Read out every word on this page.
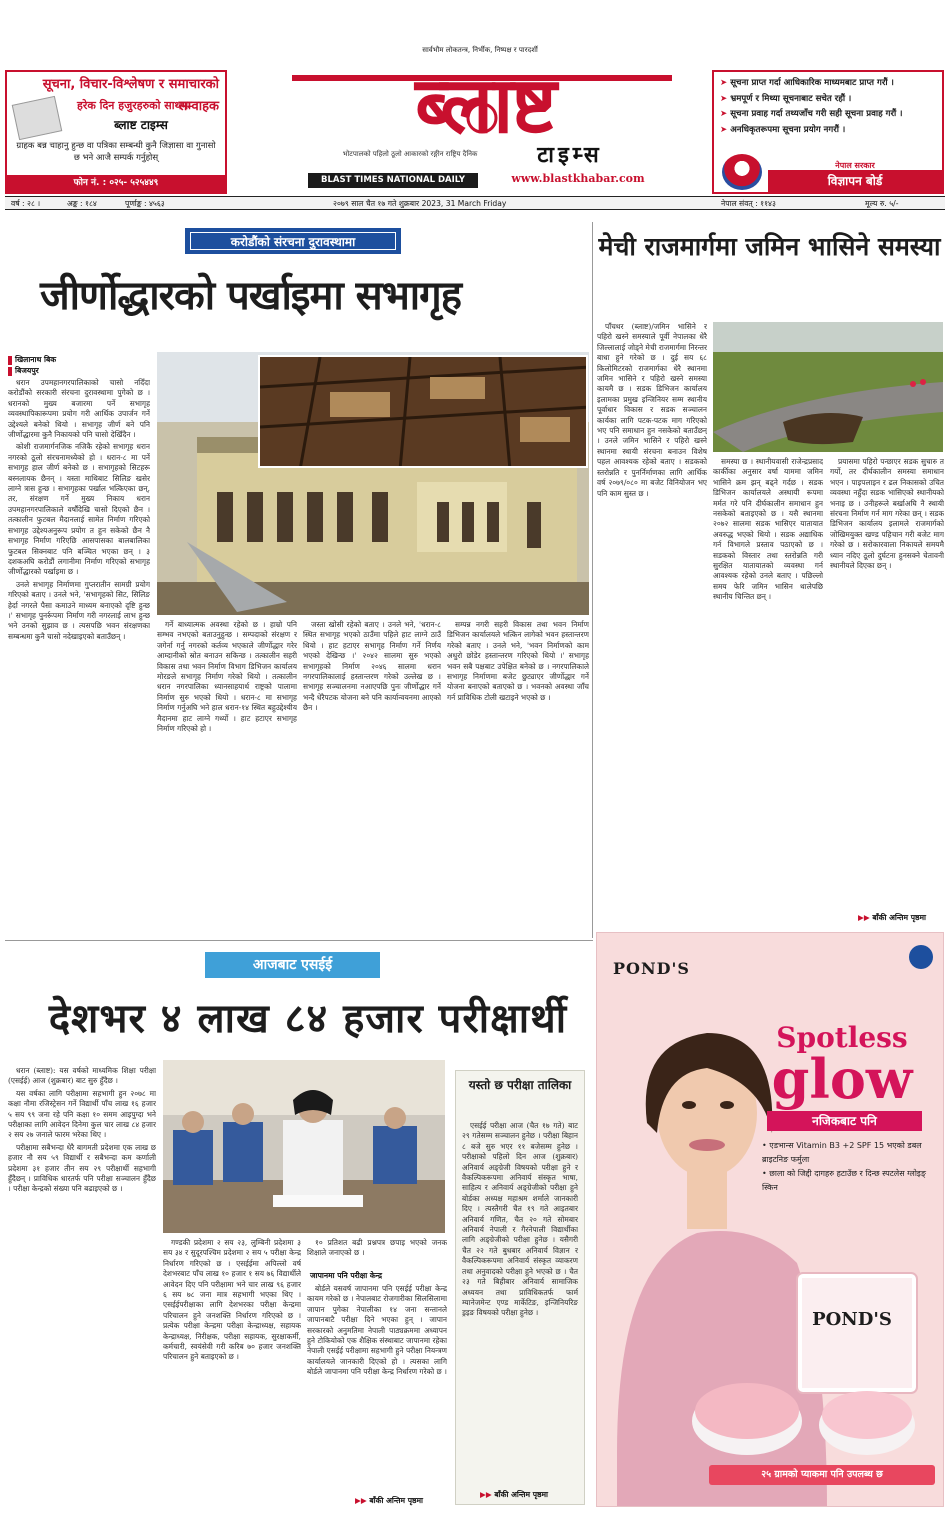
सूचना, विचार-विश्लेषण र समाचारको सम्वाहक
हरेक दिन हजुरहरुको साथमा
ब्लाष्ट टाइम्स
ग्राहक बन्न चाहानु हुन्छ वा पत्रिका सम्बन्धी कुनै जिज्ञासा वा गुनासो छ भने आजै सम्पर्क गर्नुहोस्
फोन नं. : ०२५- ५२५४४९
सार्वभौम लोकतन्त्र, निर्भीक, निष्पक्ष र पारदर्शी
ब्लाष्ट
टाइम्स
भोटपालको पहिलो ठूलो आकारको रङ्गीन राष्ट्रिय दैनिक
BLAST TIMES NATIONAL DAILY	www.blastkhabar.com
➤ सूचना प्राप्त गर्दा आधिकारिक माध्यमबाट प्राप्त गरौं ।
➤ भ्रमपूर्ण र मिथ्या सूचनाबाट सचेत रहौं ।
➤ सूचना प्रवाह गर्दा तथ्यजाँच गरी सही सूचना प्रवाह गरौं ।
➤ अनधिकृतरूपमा सूचना प्रयोग नगरौं ।
नेपाल सरकार
विज्ञापन बोर्ड
वर्ष : २८ ।	अङ्क : १८४	पूर्णाङ्क : ४५६३	२०७९ साल चैत १७ गते शुक्रबार 2023, 31 March Friday	नेपाल संवत् : ११४३	मूल्य रु. ५/-
करोडौंको संरचना दुरावस्थामा
जीर्णोद्धारको पर्खाइमा सभागृह
खिलानाथ बिक
बिजयपुर

धरान उपमहानगरपालिकाको चासो नदिँदा करोडौंको सरकारी संरचना दुरावस्थामा पुगेको छ । धरानको मुख्य बजारमा पर्ने सभागृह व्यवस्थापिकारूपमा प्रयोग गरी आर्थिक उपार्जन गर्ने उद्देश्यले बनेको थियो । सभागृह जीर्ण बने पनि जीर्णोद्धारमा कुनै निकायको पनि चासो देखिँदैन ।

कोशी राजमार्गनजिक नजिकै रहेको सभागृह धरान नगरको ठूलो संरचनामध्येको हो । धरान-८ मा पर्ने सभागृह हाल जीर्ण बनेको छ । सभागृहको सिटहरू बस्नलायक छैनन् । यस्ता माथिबाट सिलिङ खसेर लाग्ने त्रास हुन्छ । सभागृहका पर्खाल भत्किएका छन्, तर, संरक्षण गर्ने मुख्य निकाय धरान उपमहानगरपालिकाले वर्षौंदेखि चासो दिएको छैन । तत्कालीन फुटबल मैदानलाई सामेत निर्माण गरिएको सभागृह उद्देश्यअनुरूप प्रयोग त हुन सकेको छैन नै सभागृह निर्माण गरिएछि आसपासका बालबालिका फुटबल सिक्नबाट पनि बञ्चित भएका छन् । ३ दशकअघि करोडौं लगानीमा निर्माण गरिएको सभागृह जीर्णोद्धारको पर्खाइमा छ ।

उनले सभागृह निर्माणमा गुप्तरातीन सामग्री प्रयोग गरिएको बताए । उनले भने, 'सभागृहको सिट, सिलिङ हेर्दा नगरले पैसा कमाउने माध्यम बनाएको दृष्टि हुन्छ ।' सभागृह पुनर्रूपमा निर्माण गरी नगरलाई लाभ हुन्छ भने उनको सुझाव छ । त्यसपछि भवन संरक्षणका सम्बन्धमा कुनै चासो नदेखाइएको बताउँछन् ।

गर्ने बाध्यात्मक अवस्था रहेको छ । हाम्रो पनि सम्भव नभएको बताउनुहुन्छ । सम्पदाको संरक्षण र जगेर्ना गर्नु नगरको कर्तव्य भएकाले जीर्णोद्धार गरेर आम्दानीको स्रोत बनाउन सकिन्छ । तत्कालीन सहरी विकास तथा भवन निर्माण विभाग डिभिजन कार्यालय मोरङले सभागृह निर्माण गरेको थियो । तत्कालीन धरान नगरपालिका ध्यानसाहयार्थ राष्ट्रको पालामा निर्माण सुरु भएको थियो । धरान-८ मा सभागृह निर्माण गर्नुअघि भने हाल धरान-१४ स्थित बहुउद्देश्यीय मैदानमा हाट लाग्ने गर्थ्यो । हाट हटाएर सभागृह निर्माण गरिएको हो ।

जस्ता खोसी रहेको बताए । उनले भने, 'धरान-८ स्थित सभागृह भएको ठाउँमा पहिले हाट लाग्ने ठाउँ थियो । हाट हटाएर सभागृह निर्माण गर्ने निर्णय भएको देखिन्छ ।' २०४२ सालमा सुरु भएको सभागृहको निर्माण २०४६ सालमा धरान नगरपालिकालाई हस्तान्तरण गरेको उल्लेख छ । सभागृह सञ्चालनमा नआएपछि पुनः जीर्णोद्धार गर्ने भन्दै धेरैपटक योजना बने पनि कार्यान्वयनमा आएको छैन ।

सम्पन्न नगरी सहरी विकास तथा भवन निर्माण डिभिजन कार्यालयले भत्किन लागेको भवन हस्तान्तरण गरेको बताए । उनले भने, 'भवन निर्माणको काम अधुरो छोडेर हस्तान्तरण गरिएको थियो ।' सभागृह भवन सबै पक्षबाट उपेक्षित बनेको छ । नगरपालिकाले सभागृह निर्माणमा बजेट छुट्याएर जीर्णोद्धार गर्ने योजना बनाएको बताएको छ । भवनको अवस्था जाँच गर्न प्राविधिक टोली खटाइने भएको छ ।

मेची राजमार्गमा जमिन भासिने समस्या

पाँचथर (ब्लाष्ट)/जमिन भासिने र पहिरो खस्ने समस्याले पूर्वी नेपालका धेरै जिल्लालाई जोड्ने मेची राजमार्गमा निरन्तर बाधा हुने गरेको छ । दुई सय ६८ किलोमिटरको राजमार्गका धेरै स्थानमा जमिन भासिने र पहिरो खस्ने समस्या कायमै छ । सडक डिभिजन कार्यालय इलामका प्रमुख इन्जिनियर सम्म स्थानीय पूर्वाधार विकास र सडक सञ्चालन कार्यका लागि पटक-पटक माग गरिएको भए पनि समाधान हुन नसकेको बताउँछन् । उनले जमिन भासिने र पहिरो खस्ने स्थानमा स्थायी संरचना बनाउन विशेष पहल आवश्यक रहेको बताए । सडकको स्तरोन्नति र पुनर्निर्माणका लागि आर्थिक वर्ष २०७९/०८० मा बजेट विनियोजन भए पनि काम सुस्त छ ।

समस्या छ । स्थानीयवासी राजेन्द्रप्रसाद कार्कीका अनुसार वर्षा याममा जमिन भासिने क्रम झन् बढ्ने गर्दछ । सडक डिभिजन कार्यालयले अस्थायी रूपमा मर्मत गरे पनि दीर्घकालीन समाधान हुन नसकेको बताइएको छ । यसै स्थानमा २०७२ सालमा सडक भासिएर यातायात अवरुद्ध भएको थियो । सडक अद्याधिक गर्न विभागले प्रस्ताव पठाएको छ । सडकको विस्तार तथा स्तरोन्नति गरी सुरक्षित यातायातको व्यवस्था गर्न आवश्यक रहेको उनले बताए । पछिल्लो समय फेरि जमिन भासिन थालेपछि स्थानीय चिन्तित छन् ।

प्रयासमा पहिरो पन्छाएर सडक सुचारु त गर्यो, तर दीर्घकालीन समस्या समाधान भएन । पाइपलाइन र ढल निकासको उचित व्यवस्था नहुँदा सडक भासिएको स्थानीयको भनाइ छ । उनीहरूले बर्खाअघि नै स्थायी संरचना निर्माण गर्न माग गरेका छन् । सडक डिभिजन कार्यालय इलामले राजमार्गको जोखिमयुक्त खण्ड पहिचान गरी बजेट माग गरेको छ । सरोकारवाला निकायले समयमै ध्यान नदिए ठूलो दुर्घटना हुनसक्ने चेतावनी स्थानीयले दिएका छन् ।

▶▶ बाँकी अन्तिम पृष्ठमा
आजबाट एसईई
देशभर ४ लाख ८४ हजार परीक्षार्थी

धरान (ब्लाष्ट): यस वर्षको माध्यमिक शिक्षा परीक्षा (एसईई) आज (शुक्रबार) बाट सुरु हुँदैछ ।

यस वर्षका लागि परीक्षामा सहभागी हुन २०७८ मा कक्षा नौमा रजिस्ट्रेसन गर्ने विद्यार्थी पाँच लाख १६ हजार ५ सय ९९ जना रहे पनि कक्षा १० समम आइपुग्दा भने परीक्षाका लागि आवेदन दिनेमा कुल चार लाख ८४ हजार २ सय २७ जनाले फारम भरेका थिए ।

परीक्षामा सबैभन्दा धेरै बागमती प्रदेशमा एक लाख छ हजार नौ सय ५९ विद्यार्थी र सबैभन्दा कम कर्णाली प्रदेशमा ३१ हजार तीन सय २९ परीक्षार्थी सहभागी हुँदैछन् । प्राविधिक धारतर्फ पनि परीक्षा सञ्चालन हुँदैछ । परीक्षा केन्द्रको संख्या पनि बढाइएको छ ।

गण्डकी प्रदेशमा २ सय २३, लुम्बिनी प्रदेशमा ३ सय ३४ र सुदूरपश्चिम प्रदेशमा २ सय ५ परीक्षा केन्द्र निर्धारण गरिएको छ । एसईईमा अपिल्लो वर्ष देशभरबाट पाँच लाख १० हजार १ सय ७६ विद्यार्थीले आवेदन दिए पनि परीक्षामा भने चार लाख ९६ हजार ६ सय ७८ जना मात्र सहभागी भएका थिए । एसईईपरीक्षाका लागि देशभरका परीक्षा केन्द्रमा परिचालन हुने जनशक्ति निर्धारण गरिएको छ । प्रत्येक परीक्षा केन्द्रमा परीक्षा केन्द्राध्यक्ष, सहायक केन्द्राध्यक्ष, निरीक्षक, परीक्षा सहायक, सुरक्षाकर्मी, कर्मचारी, स्वयंसेवी गरी करिब ७० हजार जनशक्ति परिचालन हुने बताइएको छ ।

१० प्रतिशत बढी प्रश्नपत्र छपाइ भएको जनक शिक्षाले जनाएको छ ।

जापानमा पनि परीक्षा केन्द्र

बोर्डले यसवर्ष जापानमा पनि एसईई परीक्षा केन्द्र कायम गरेको छ । नेपालबाट रोजगारीका सिलसिलामा जापान पुगेका नेपालीका १४ जना सन्तानले जापानबाटै परीक्षा दिने भएका हुन् । जापान सरकारको अनुमतिमा नेपाली पाठ्यक्रममा अध्यापन हुने टोकियोको एक शैक्षिक संस्थाबाट जापानमा रहेका नेपाली एसईई परीक्षामा सहभागी हुने परीक्षा नियन्त्रण कार्यालयले जानकारी दिएको हो । त्यसका लागि बोर्डले जापानमा पनि परीक्षा केन्द्र निर्धारण गरेको छ ।

▶▶ बाँकी अन्तिम पृष्ठमा
यस्तो छ परीक्षा तालिका

एसईई परीक्षा आज (चैत १७ गते) बाट २९ गतेसम्म सञ्चालन हुनेछ । परीक्षा बिहान ८ बजे सुरु भएर ११ बजेसम्म हुनेछ । परीक्षाको पहिलो दिन आज (शुक्रबार) अनिवार्य अङ्ग्रेजी विषयको परीक्षा हुने र वैकल्पिकरूपमा अनिवार्य संस्कृत भाषा, साहित्य र अनिवार्य अङ्ग्रेजीको परीक्षा हुने बोर्डका अध्यक्ष महाश्रम शर्माले जानकारी दिए । त्यस्तैगरी चैत १९ गते आइतबार अनिवार्य गणित, चैत २० गते सोमबार अनिवार्य नेपाली र गैरनेपाली विद्यार्थीका लागि अङ्ग्रेजीको परीक्षा हुनेछ । यसैगरी चैत २२ गते बुधबार अनिवार्य विज्ञान र वैकल्पिकरूपमा अनिवार्य संस्कृत व्याकरण तथा अनुवादको परीक्षा हुने भएको छ । चैत २३ गते बिहीबार अनिवार्य सामाजिक अध्ययन तथा प्राविधिकतर्फ फार्म म्यानेजमेन्ट एण्ड मार्केटिङ, इन्जिनियरिङ ड्रइङ विषयको परीक्षा हुनेछ ।

▶▶ बाँकी अन्तिम पृष्ठमा
POND'S
Spotless
glow
नजिकबाट पनि
• एडभान्स Vitamin B3 +2 SPF 15 भएको डबल ब्राइटनिङ फर्मुला
• छाला को जिद्दी दागहरु हटाउँछ र दिन्छ स्पटलेस ग्लोइङ् स्किन
POND'S
२५ ग्रामको प्याकमा पनि उपलब्ध छ
